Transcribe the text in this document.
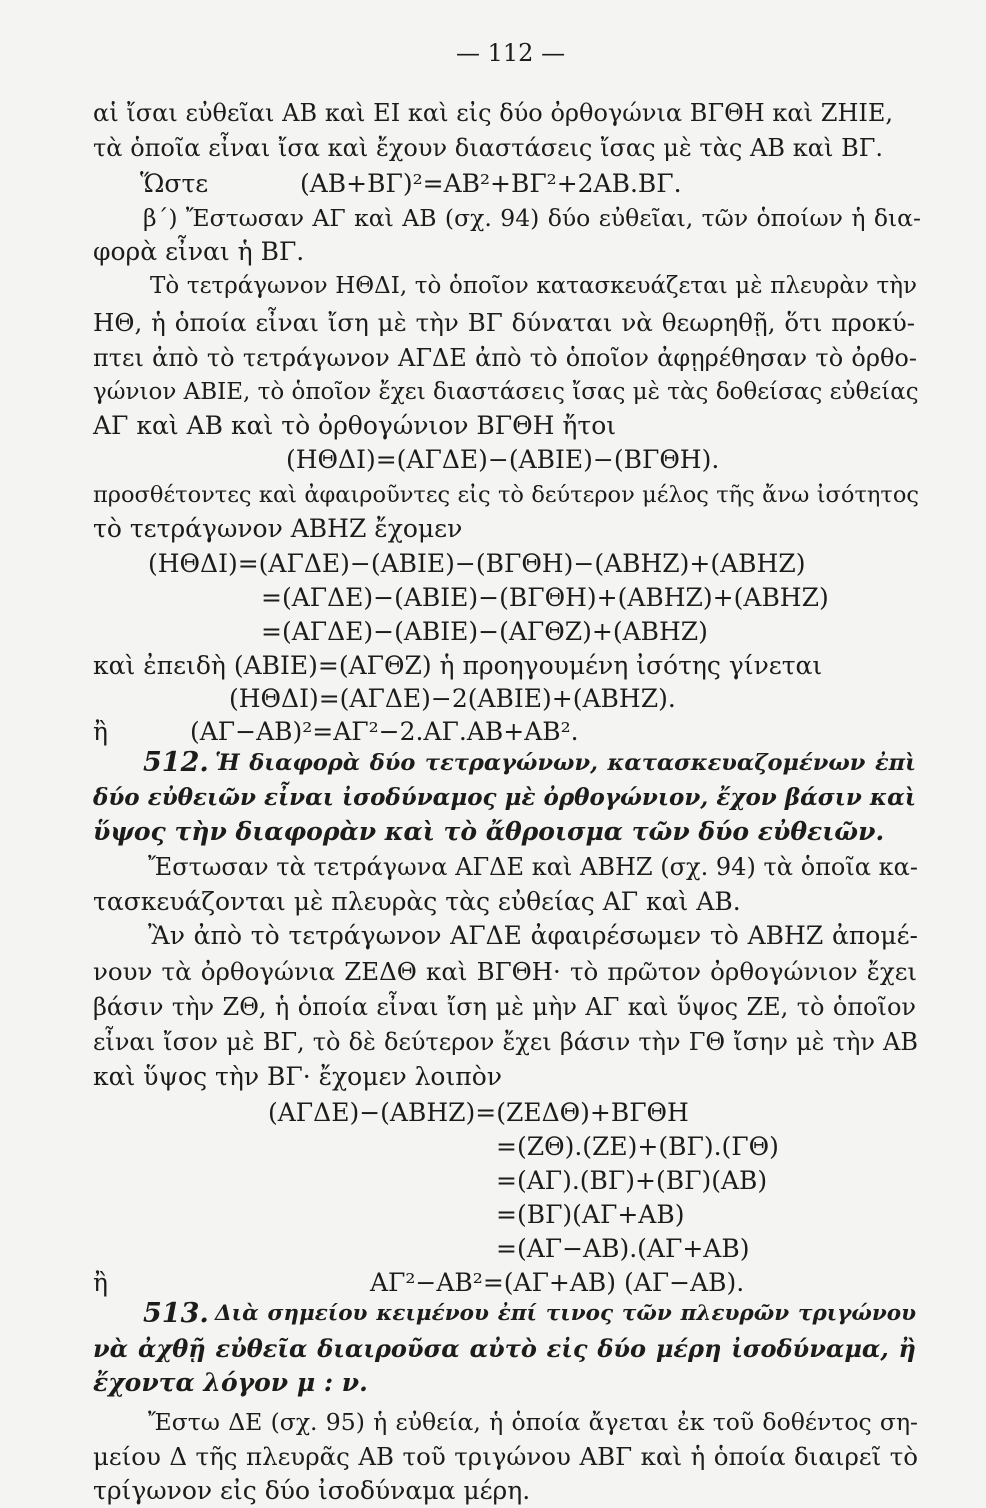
— 112 —
αἱ ἴσαι εὐθεῖαι ΑΒ καὶ ΕΙ καὶ εἰς δύο ὀρθογώνια ΒΓΘΗ καὶ ΖΗΙΕ,
τὰ ὁποῖα εἶναι ἴσα καὶ ἔχουν διαστάσεις ἴσας μὲ τὰς ΑΒ καὶ ΒΓ.
Ὥστε	(ΑΒ+ΒΓ)²=ΑΒ²+ΒΓ²+2ΑΒ.ΒΓ.
β΄) Ἔστωσαν ΑΓ καὶ ΑΒ (σχ. 94) δύο εὐθεῖαι, τῶν ὁποίων ἡ δια-
φορὰ εἶναι ἡ ΒΓ.
Τὸ τετράγωνον ΗΘΔΙ, τὸ ὁποῖον κατασκευάζεται μὲ πλευρὰν τὴν
ΗΘ, ἡ ὁποία εἶναι ἴση μὲ τὴν ΒΓ δύναται νὰ θεωρηθῇ, ὅτι προκύ-
πτει ἀπὸ τὸ τετράγωνον ΑΓΔΕ ἀπὸ τὸ ὁποῖον ἀφῃρέθησαν τὸ ὀρθο-
γώνιον ΑΒΙΕ, τὸ ὁποῖον ἔχει διαστάσεις ἴσας μὲ τὰς δοθείσας εὐθείας
ΑΓ καὶ ΑΒ καὶ τὸ ὀρθογώνιον ΒΓΘΗ ἤτοι
(ΗΘΔΙ)=(ΑΓΔΕ)−(ΑΒΙΕ)−(ΒΓΘΗ).
προσθέτοντες καὶ ἀφαιροῦντες εἰς τὸ δεύτερον μέλος τῆς ἄνω ἰσότητος
τὸ τετράγωνον ΑΒΗΖ ἔχομεν
(ΗΘΔΙ)=(ΑΓΔΕ)−(ΑΒΙΕ)−(ΒΓΘΗ)−(ΑΒΗΖ)+(ΑΒΗΖ)
=(ΑΓΔΕ)−(ΑΒΙΕ)−(ΒΓΘΗ)+(ΑΒΗΖ)+(ΑΒΗΖ)
=(ΑΓΔΕ)−(ΑΒΙΕ)−(ΑΓΘΖ)+(ΑΒΗΖ)
καὶ ἐπειδὴ (ΑΒΙΕ)=(ΑΓΘΖ) ἡ προηγουμένη ἰσότης γίνεται
(ΗΘΔΙ)=(ΑΓΔΕ)−2(ΑΒΙΕ)+(ΑΒΗΖ).
ἢ	(ΑΓ−ΑΒ)²=ΑΓ²−2.ΑΓ.ΑΒ+ΑΒ².
512. Ἡ διαφορὰ δύο τετραγώνων, κατασκευαζομένων ἐπὶ
δύο εὐθειῶν εἶναι ἰσοδύναμος μὲ ὀρθογώνιον, ἔχον βάσιν καὶ
ὕψος τὴν διαφορὰν καὶ τὸ ἄθροισμα τῶν δύο εὐθειῶν.
Ἔστωσαν τὰ τετράγωνα ΑΓΔΕ καὶ ΑΒΗΖ (σχ. 94) τὰ ὁποῖα κα-
τασκευάζονται μὲ πλευρὰς τὰς εὐθείας ΑΓ καὶ ΑΒ.
Ἂν ἀπὸ τὸ τετράγωνον ΑΓΔΕ ἀφαιρέσωμεν τὸ ΑΒΗΖ ἀπομέ-
νουν τὰ ὀρθογώνια ΖΕΔΘ καὶ ΒΓΘΗ· τὸ πρῶτον ὀρθογώνιον ἔχει
βάσιν τὴν ΖΘ, ἡ ὁποία εἶναι ἴση μὲ μὴν ΑΓ καὶ ὕψος ΖΕ, τὸ ὁποῖον
εἶναι ἴσον μὲ ΒΓ, τὸ δὲ δεύτερον ἔχει βάσιν τὴν ΓΘ ἴσην μὲ τὴν ΑΒ
καὶ ὕψος τὴν ΒΓ· ἔχομεν λοιπὸν
(ΑΓΔΕ)−(ΑΒΗΖ)=(ΖΕΔΘ)+ΒΓΘΗ
=(ΖΘ).(ΖΕ)+(ΒΓ).(ΓΘ)
=(ΑΓ).(ΒΓ)+(ΒΓ)(ΑΒ)
=(ΒΓ)(ΑΓ+ΑΒ)
=(ΑΓ−ΑΒ).(ΑΓ+ΑΒ)
ἢ	ΑΓ²−ΑΒ²=(ΑΓ+ΑΒ) (ΑΓ−ΑΒ).
513. Διὰ σημείου κειμένου ἐπί τινος τῶν πλευρῶν τριγώνου
νὰ ἀχθῇ εὐθεῖα διαιροῦσα αὐτὸ εἰς δύο μέρη ἰσοδύναμα, ἢ
ἔχοντα λόγον μ : ν.
Ἔστω ΔΕ (σχ. 95) ἡ εὐθεία, ἡ ὁποία ἄγεται ἐκ τοῦ δοθέντος ση-
μείου Δ τῆς πλευρᾶς ΑΒ τοῦ τριγώνου ΑΒΓ καὶ ἡ ὁποία διαιρεῖ τὸ
τρίγωνον εἰς δύο ἰσοδύναμα μέρη.
